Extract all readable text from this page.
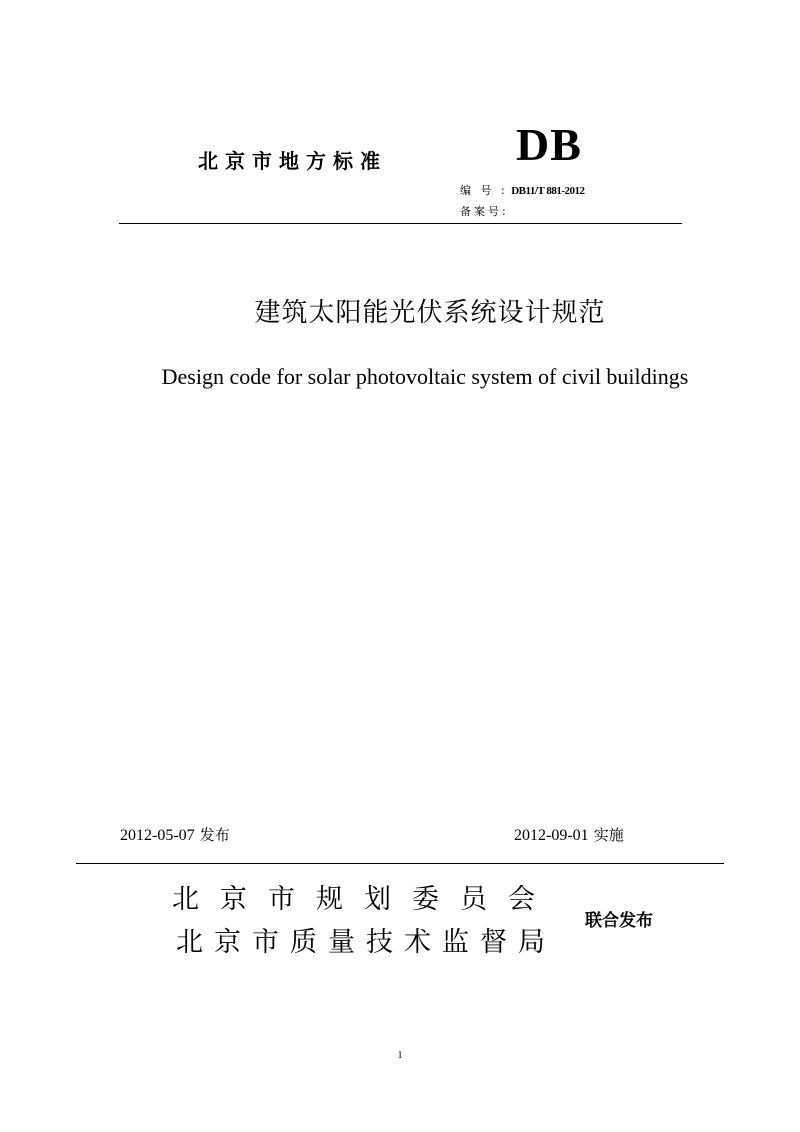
北京市地方标准	DB
编 号 : DB11/T 881-2012
备案号:
建筑太阳能光伏系统设计规范
Design code for solar photovoltaic system of civil buildings
2012-05-07 发布	2012-09-01 实施
北 京 市 规 划 委 员 会
北 京 市 质 量 技 术 监 督 局
联合发布
1
